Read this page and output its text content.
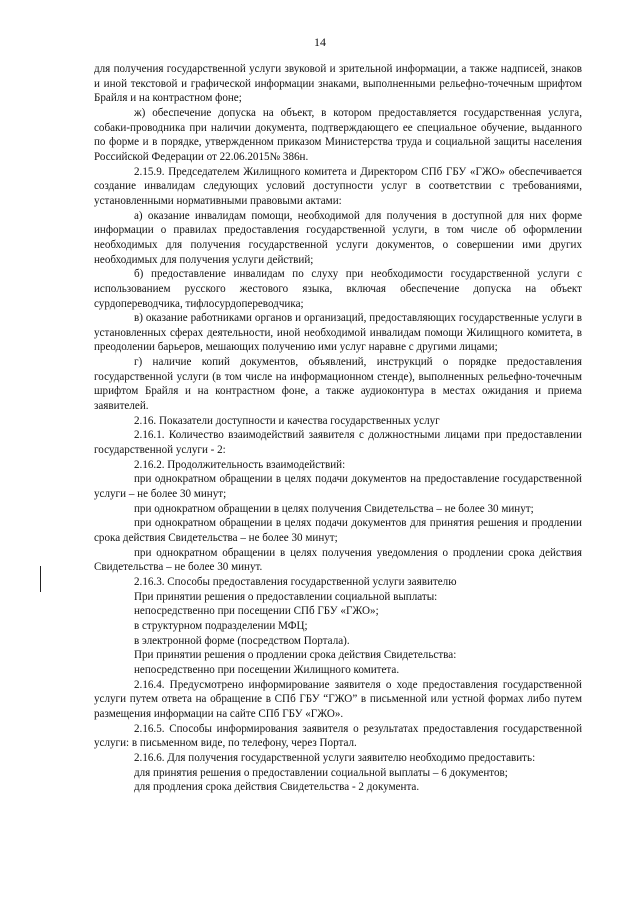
14

для получения государственной услуги звуковой и зрительной информации, а также надписей, знаков и иной текстовой и графической информации знаками, выполненными рельефно-точечным шрифтом Брайля и на контрастном фоне;

ж) обеспечение допуска на объект, в котором предоставляется государственная услуга, собаки-проводника при наличии документа, подтверждающего ее специальное обучение, выданного по форме и в порядке, утвержденном приказом Министерства труда и социальной защиты населения Российской Федерации от 22.06.2015№ 386н.

2.15.9. Председателем Жилищного комитета и Директором СПб ГБУ «ГЖО» обеспечивается создание инвалидам следующих условий доступности услуг в соответствии с требованиями, установленными нормативными правовыми актами:

а) оказание инвалидам помощи, необходимой для получения в доступной для них форме информации о правилах предоставления государственной услуги, в том числе об оформлении необходимых для получения государственной услуги документов, о совершении ими других необходимых для получения услуги действий;

б) предоставление инвалидам по слуху при необходимости государственной услуги с использованием русского жестового языка, включая обеспечение допуска на объект сурдопереводчика, тифлосурдопереводчика;

в) оказание работниками органов и организаций, предоставляющих государственные услуги в установленных сферах деятельности, иной необходимой инвалидам помощи Жилищного комитета, в преодолении барьеров, мешающих получению ими услуг наравне с другими лицами;

г) наличие копий документов, объявлений, инструкций о порядке предоставления государственной услуги (в том числе на информационном стенде), выполненных рельефно-точечным шрифтом Брайля и на контрастном фоне, а также аудиоконтура в местах ожидания и приема заявителей.

2.16. Показатели доступности и качества государственных услуг

2.16.1. Количество взаимодействий заявителя с должностными лицами при предоставлении государственной услуги - 2:

2.16.2. Продолжительность взаимодействий:

при однократном обращении в целях подачи документов на предоставление государственной услуги – не более 30 минут;

при однократном обращении в целях получения Свидетельства – не более 30 минут;

при однократном обращении в целях подачи документов для принятия решения и продлении срока действия Свидетельства – не более 30 минут;

при однократном обращении в целях получения уведомления о продлении срока действия Свидетельства – не более 30 минут.

2.16.3. Способы предоставления государственной услуги заявителю

При принятии решения о предоставлении социальной выплаты:

непосредственно при посещении СПб ГБУ «ГЖО»;

в структурном подразделении МФЦ;

в электронной форме (посредством Портала).

При принятии решения о продлении срока действия Свидетельства:

непосредственно при посещении Жилищного комитета.

2.16.4. Предусмотрено информирование заявителя о ходе предоставления государственной услуги путем ответа на обращение в СПб ГБУ “ГЖО” в письменной или устной формах либо путем размещения информации на сайте СПб ГБУ «ГЖО».

2.16.5. Способы информирования заявителя о результатах предоставления государственной услуги: в письменном виде, по телефону, через Портал.

2.16.6. Для получения государственной услуги заявителю необходимо предоставить:

для принятия решения о предоставлении социальной выплаты – 6 документов;

для продления срока действия Свидетельства - 2 документа.
